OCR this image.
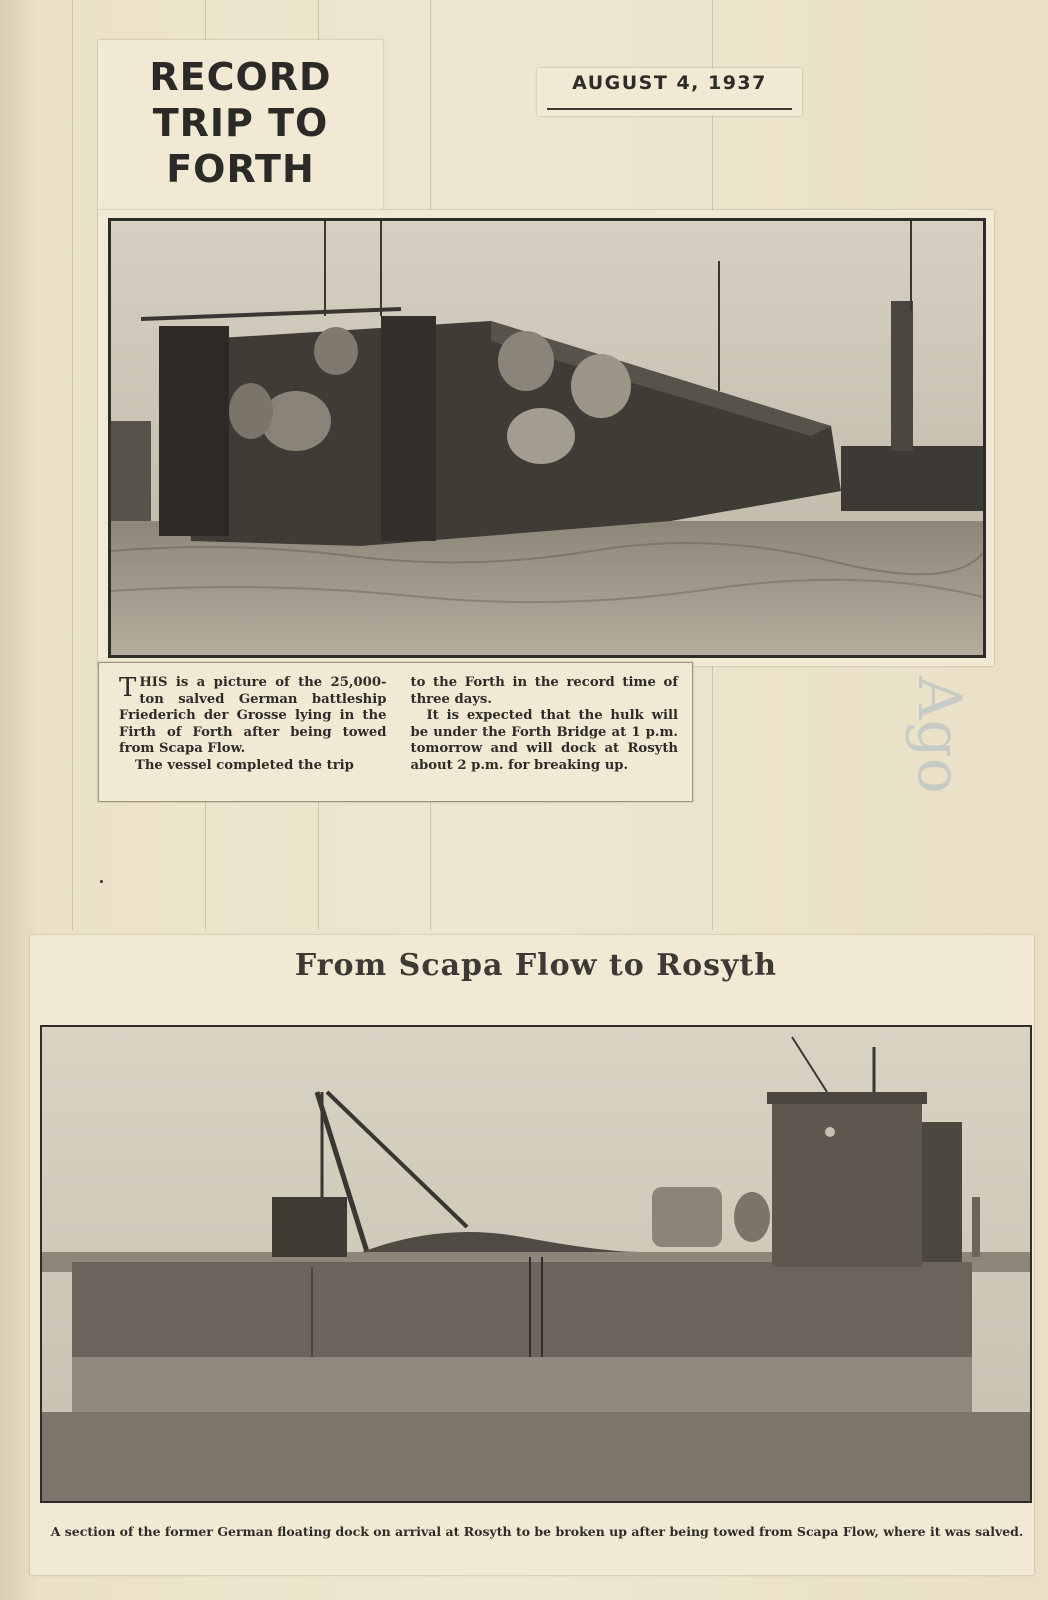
Ago
RECORD
TRIP TO
FORTH
AUGUST 4, 1937

THIS is a picture of the 25,000-ton salved German battleship Friederich der Grosse lying in the Firth of Forth after being towed from Scapa Flow.

The vessel completed the trip

to the Forth in the record time of three days.

It is expected that the hulk will be under the Forth Bridge at 1 p.m. tomorrow and will dock at Rosyth about 2 p.m. for breaking up.

From Scapa Flow to Rosyth
A section of the former German floating dock on arrival at Rosyth to be broken up after being towed from Scapa Flow, where it was salved.
